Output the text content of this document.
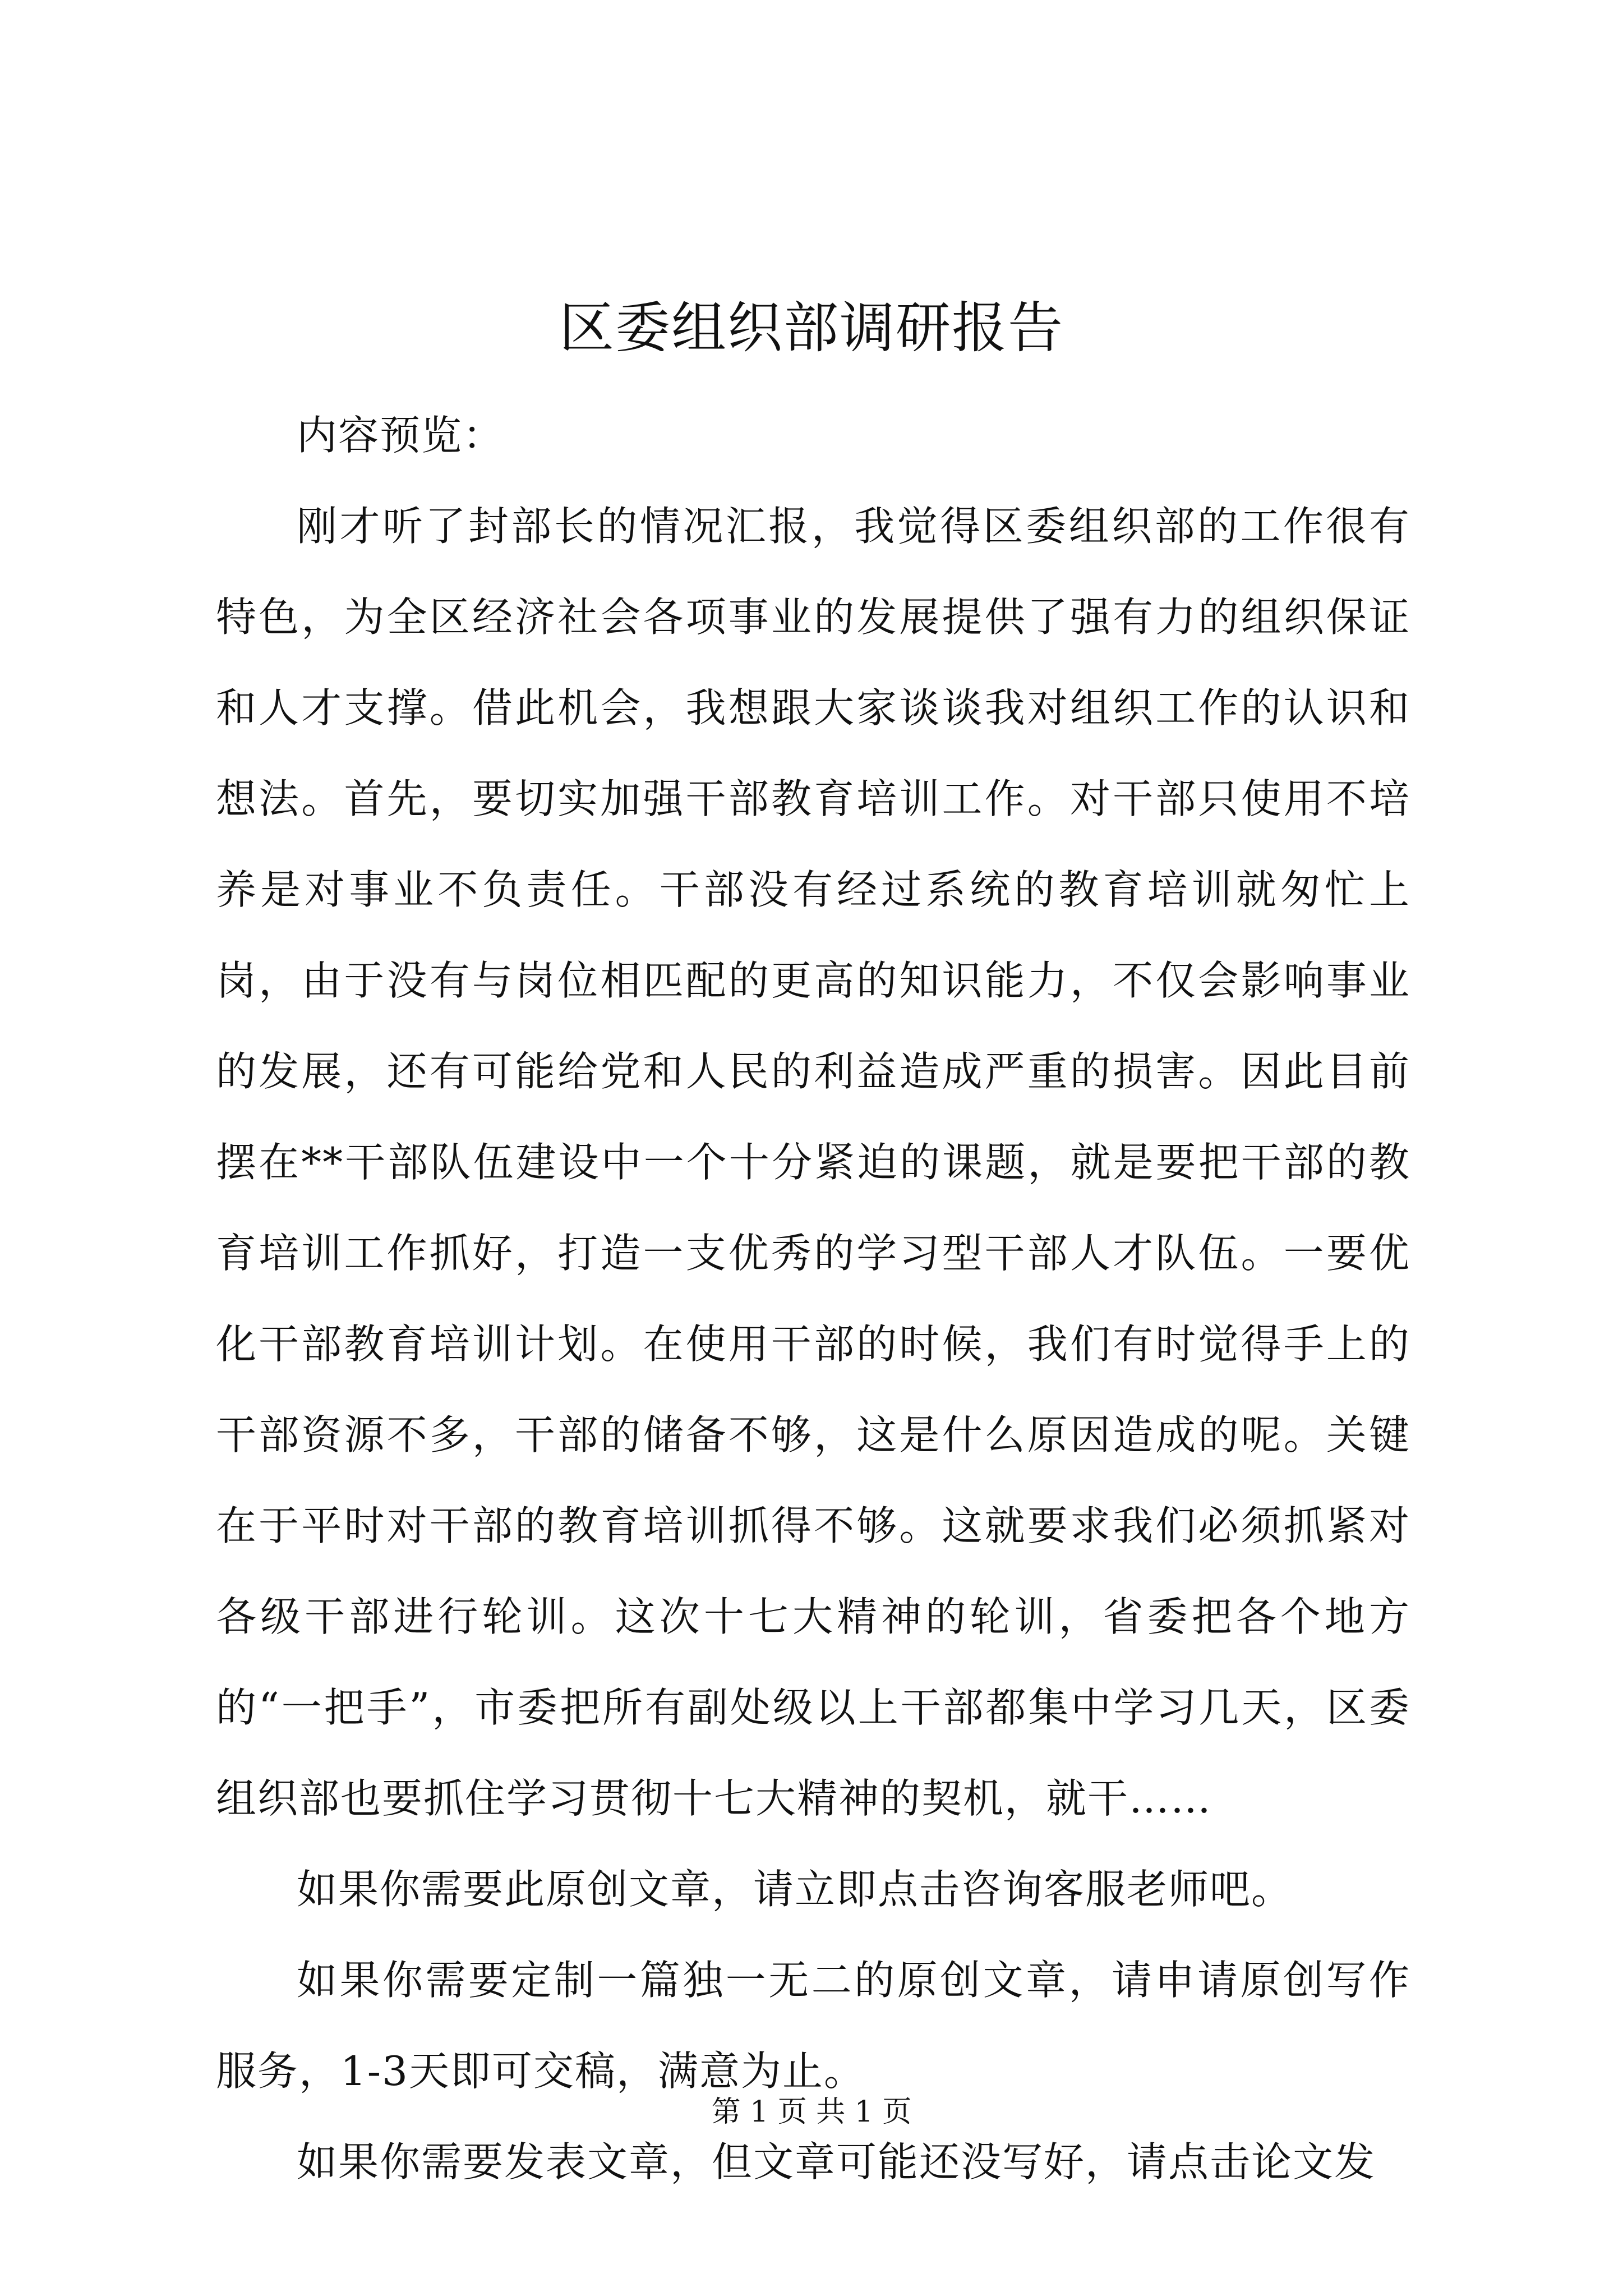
区委组织部调研报告

内容预览：

刚才听了封部长的情况汇报，我觉得区委组织部的工作很有特色，为全区经济社会各项事业的发展提供了强有力的组织保证和人才支撑。借此机会，我想跟大家谈谈我对组织工作的认识和想法。首先，要切实加强干部教育培训工作。对干部只使用不培养是对事业不负责任。干部没有经过系统的教育培训就匆忙上岗，由于没有与岗位相匹配的更高的知识能力，不仅会影响事业的发展，还有可能给党和人民的利益造成严重的损害。因此目前摆在**干部队伍建设中一个十分紧迫的课题，就是要把干部的教育培训工作抓好，打造一支优秀的学习型干部人才队伍。一要优化干部教育培训计划。在使用干部的时候，我们有时觉得手上的干部资源不多，干部的储备不够，这是什么原因造成的呢。关键在于平时对干部的教育培训抓得不够。这就要求我们必须抓紧对各级干部进行轮训。这次十七大精神的轮训，省委把各个地方的“一把手”，市委把所有副处级以上干部都集中学习几天，区委组织部也要抓住学习贯彻十七大精神的契机，就干……

如果你需要此原创文章，请立即点击咨询客服老师吧。

如果你需要定制一篇独一无二的原创文章，请申请原创写作服务，1-3天即可交稿，满意为止。

如果你需要发表文章，但文章可能还没写好，请点击论文发

第 1 页 共 1 页
